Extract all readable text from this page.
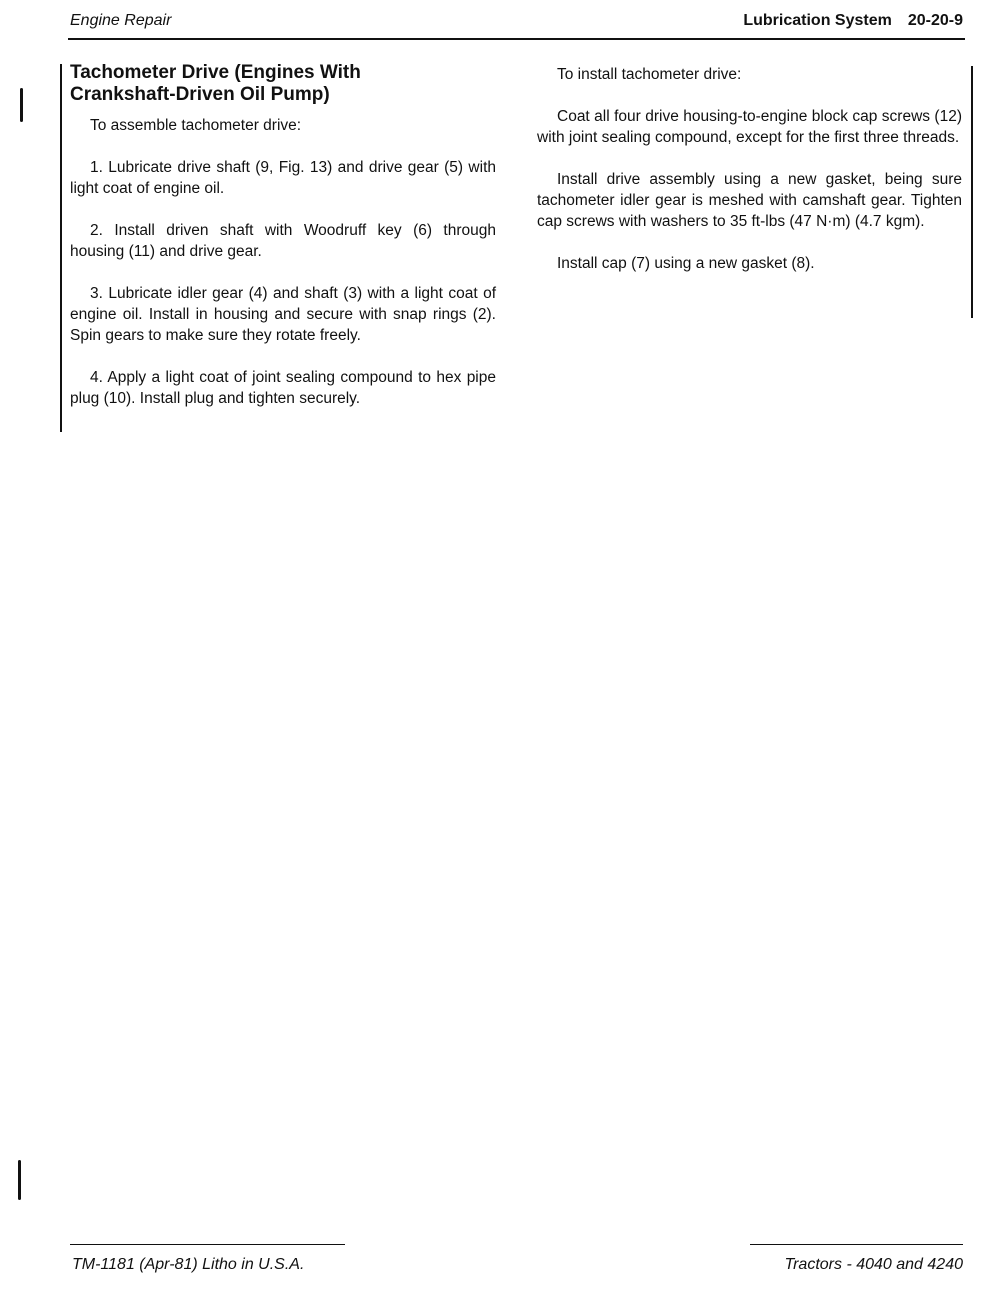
Engine Repair	Lubrication System 20-20-9
Tachometer Drive (Engines With
Crankshaft-Driven Oil Pump)

To assemble tachometer drive:

1. Lubricate drive shaft (9, Fig. 13) and drive gear (5) with light coat of engine oil.

2. Install driven shaft with Woodruff key (6) through housing (11) and drive gear.

3. Lubricate idler gear (4) and shaft (3) with a light coat of engine oil. Install in housing and secure with snap rings (2). Spin gears to make sure they rotate freely.

4. Apply a light coat of joint sealing compound to hex pipe plug (10). Install plug and tighten securely.

To install tachometer drive:

Coat all four drive housing-to-engine block cap screws (12) with joint sealing compound, except for the first three threads.

Install drive assembly using a new gasket, being sure tachometer idler gear is meshed with camshaft gear. Tighten cap screws with washers to 35 ft-lbs (47 N·m) (4.7 kgm).

Install cap (7) using a new gasket (8).

TM-1181 (Apr-81) Litho in U.S.A.	Tractors - 4040 and 4240
